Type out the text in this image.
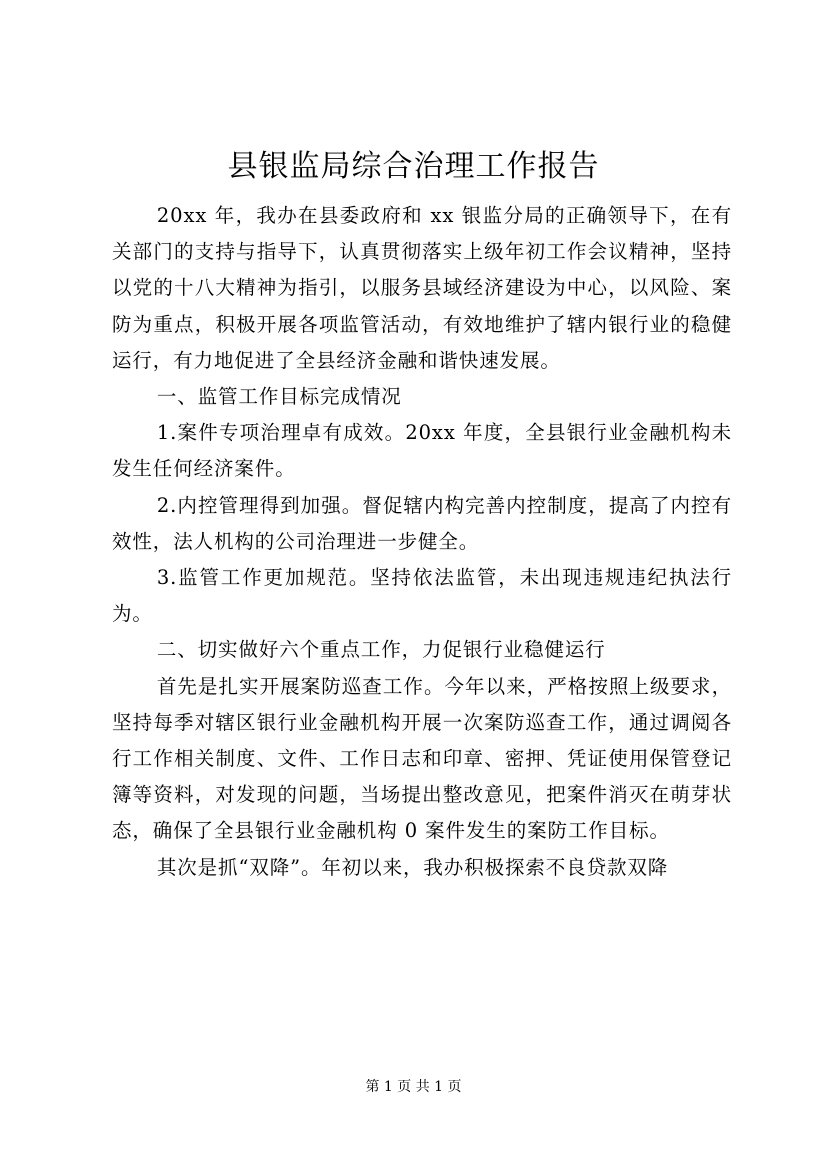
县银监局综合治理工作报告

20xx 年，我办在县委政府和 xx 银监分局的正确领导下，在有关部门的支持与指导下，认真贯彻落实上级年初工作会议精神，坚持以党的十八大精神为指引，以服务县域经济建设为中心，以风险、案防为重点，积极开展各项监管活动，有效地维护了辖内银行业的稳健运行，有力地促进了全县经济金融和谐快速发展。

一、监管工作目标完成情况

1.案件专项治理卓有成效。20xx 年度，全县银行业金融机构未发生任何经济案件。

2.内控管理得到加强。督促辖内构完善内控制度，提高了内控有效性，法人机构的公司治理进一步健全。

3.监管工作更加规范。坚持依法监管，未出现违规违纪执法行为。

二、切实做好六个重点工作，力促银行业稳健运行

首先是扎实开展案防巡查工作。今年以来，严格按照上级要求，坚持每季对辖区银行业金融机构开展一次案防巡查工作，通过调阅各行工作相关制度、文件、工作日志和印章、密押、凭证使用保管登记簿等资料，对发现的问题，当场提出整改意见，把案件消灭在萌芽状态，确保了全县银行业金融机构 0 案件发生的案防工作目标。

其次是抓“双降”。年初以来，我办积极探索不良贷款双降

第 1 页 共 1 页
